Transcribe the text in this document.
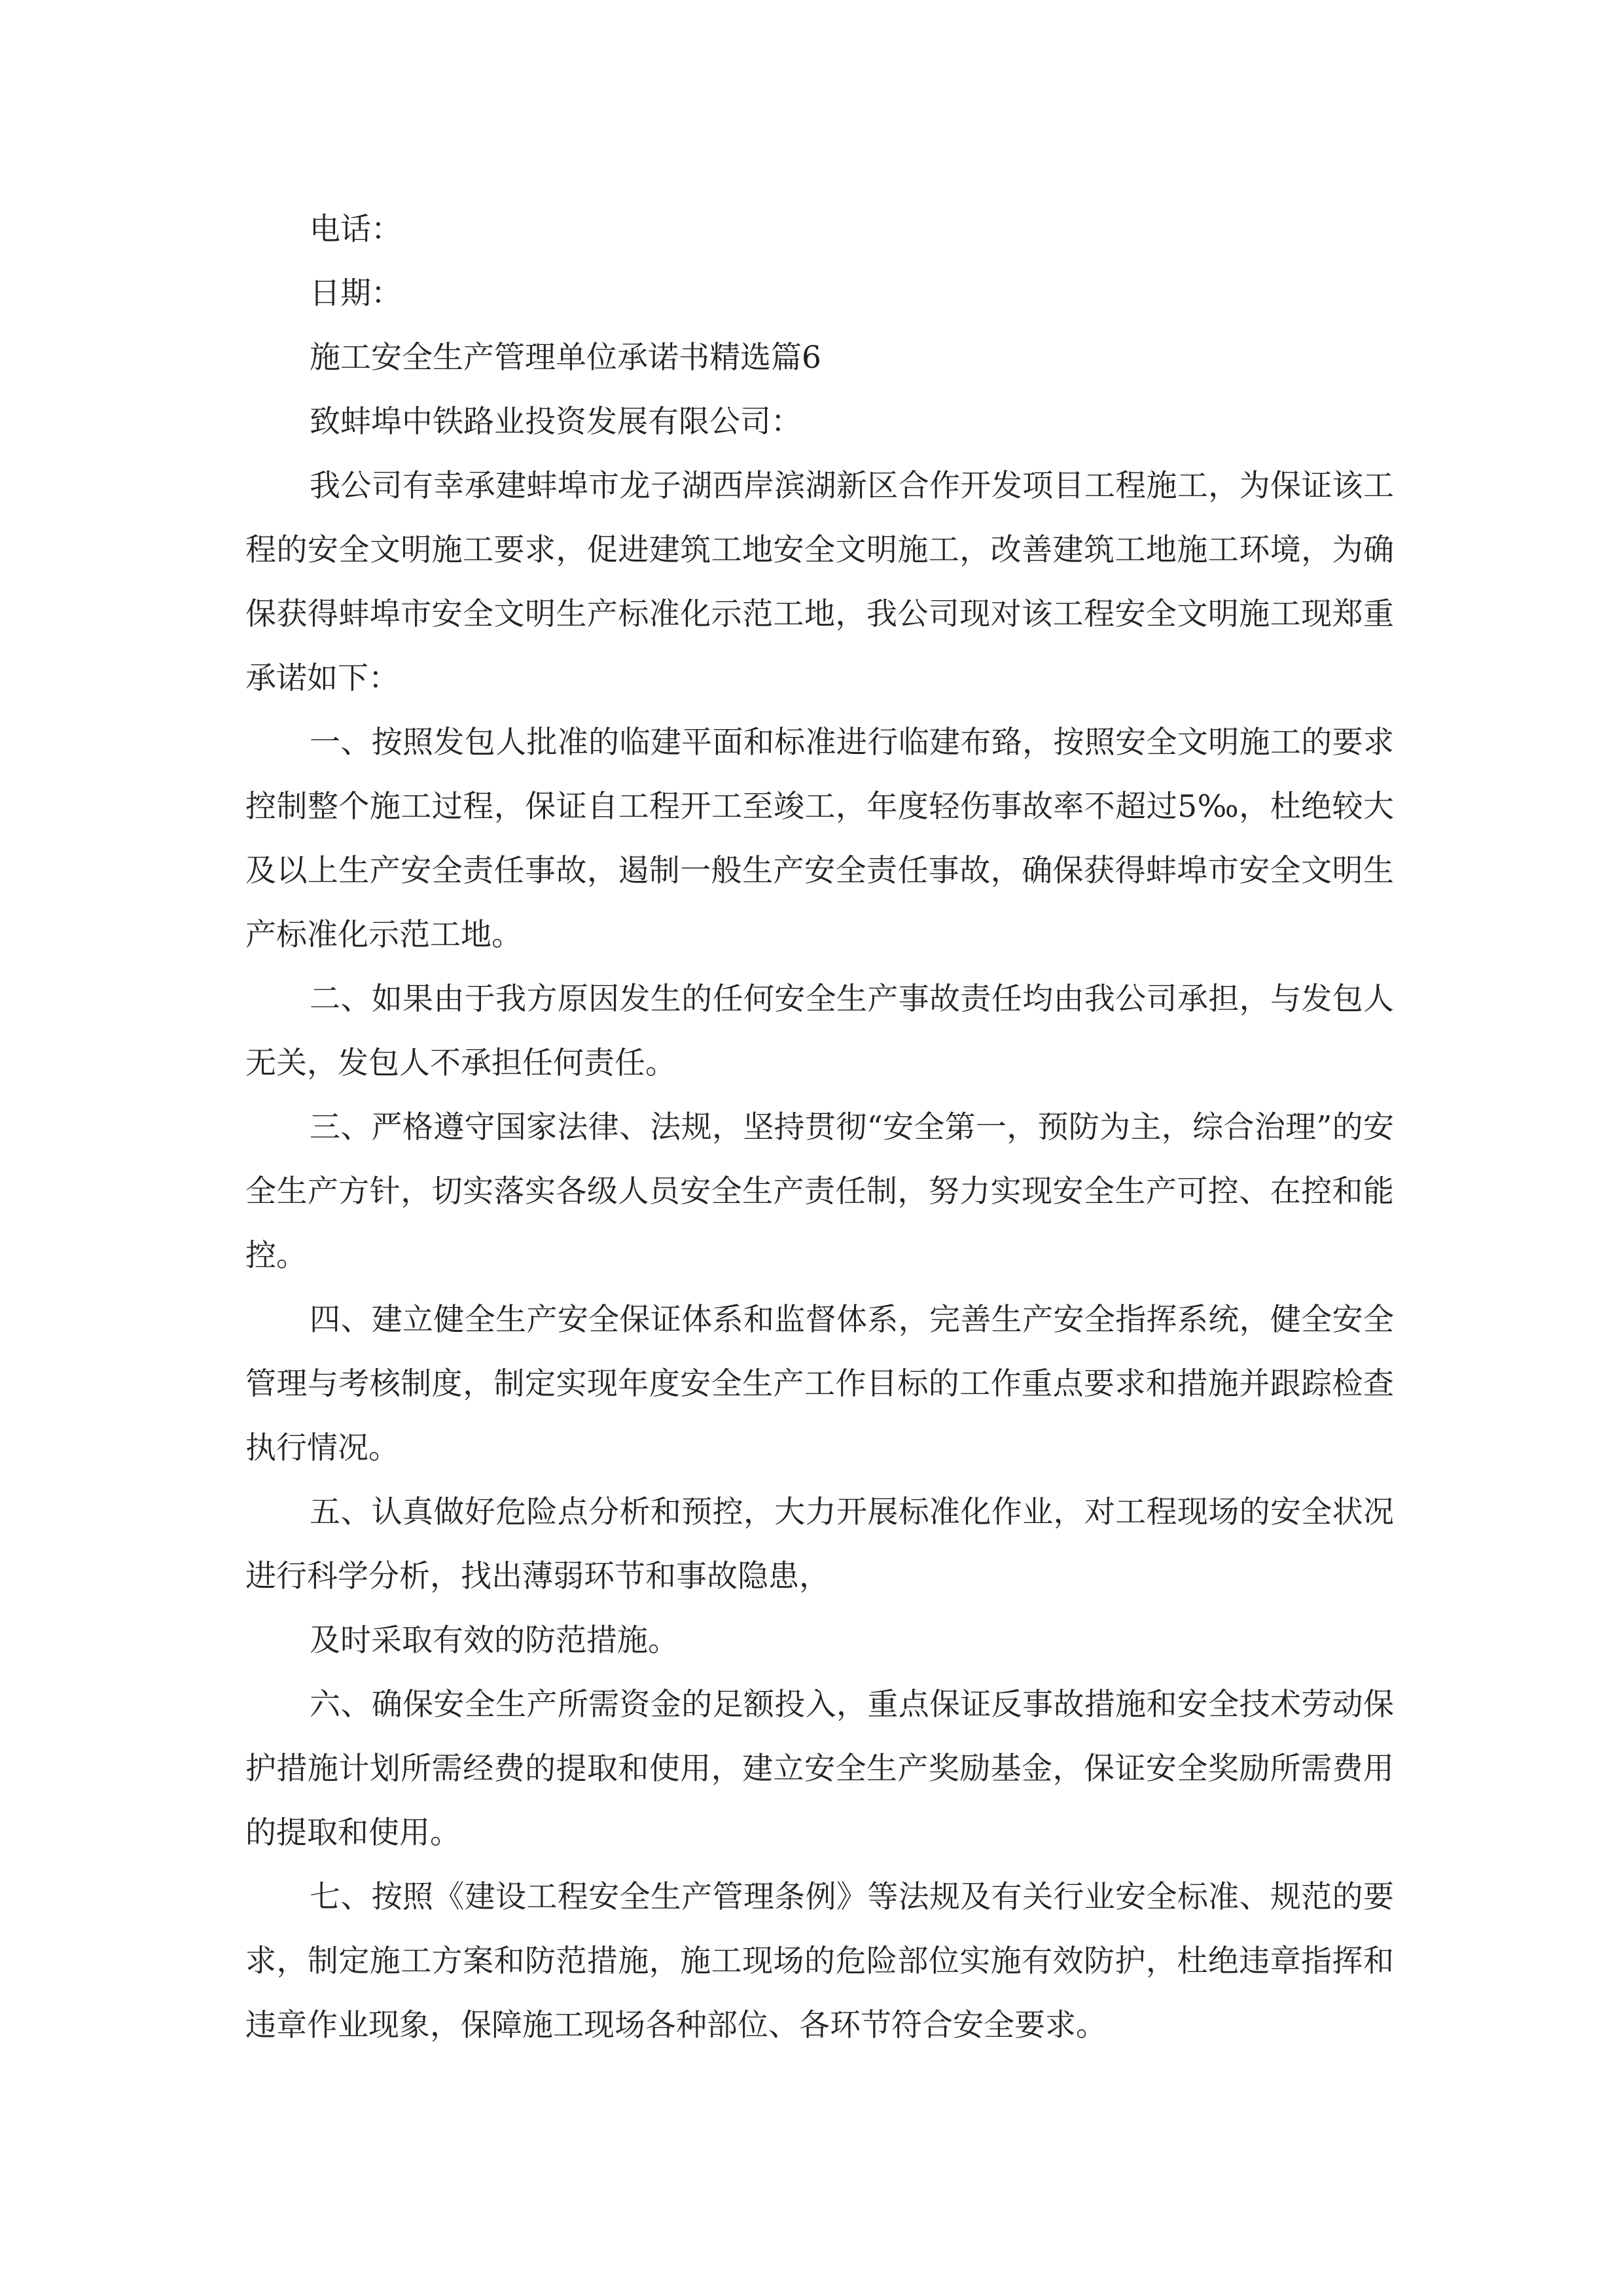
电话：

日期：

施工安全生产管理单位承诺书精选篇6

致蚌埠中铁路业投资发展有限公司：

我公司有幸承建蚌埠市龙子湖西岸滨湖新区合作开发项目工程施工，为保证该工程的安全文明施工要求，促进建筑工地安全文明施工，改善建筑工地施工环境，为确保获得蚌埠市安全文明生产标准化示范工地，我公司现对该工程安全文明施工现郑重承诺如下：

一、按照发包人批准的临建平面和标准进行临建布臵，按照安全文明施工的要求控制整个施工过程，保证自工程开工至竣工，年度轻伤事故率不超过5‰，杜绝较大及以上生产安全责任事故，遏制一般生产安全责任事故，确保获得蚌埠市安全文明生产标准化示范工地。

二、如果由于我方原因发生的任何安全生产事故责任均由我公司承担，与发包人无关，发包人不承担任何责任。

三、严格遵守国家法律、法规，坚持贯彻“安全第一，预防为主，综合治理”的安全生产方针，切实落实各级人员安全生产责任制，努力实现安全生产可控、在控和能控。

四、建立健全生产安全保证体系和监督体系，完善生产安全指挥系统，健全安全管理与考核制度，制定实现年度安全生产工作目标的工作重点要求和措施并跟踪检查执行情况。

五、认真做好危险点分析和预控，大力开展标准化作业，对工程现场的安全状况进行科学分析，找出薄弱环节和事故隐患，

及时采取有效的防范措施。

六、确保安全生产所需资金的足额投入，重点保证反事故措施和安全技术劳动保护措施计划所需经费的提取和使用，建立安全生产奖励基金，保证安全奖励所需费用的提取和使用。

七、按照《建设工程安全生产管理条例》等法规及有关行业安全标准、规范的要求，制定施工方案和防范措施，施工现场的危险部位实施有效防护，杜绝违章指挥和违章作业现象，保障施工现场各种部位、各环节符合安全要求。
